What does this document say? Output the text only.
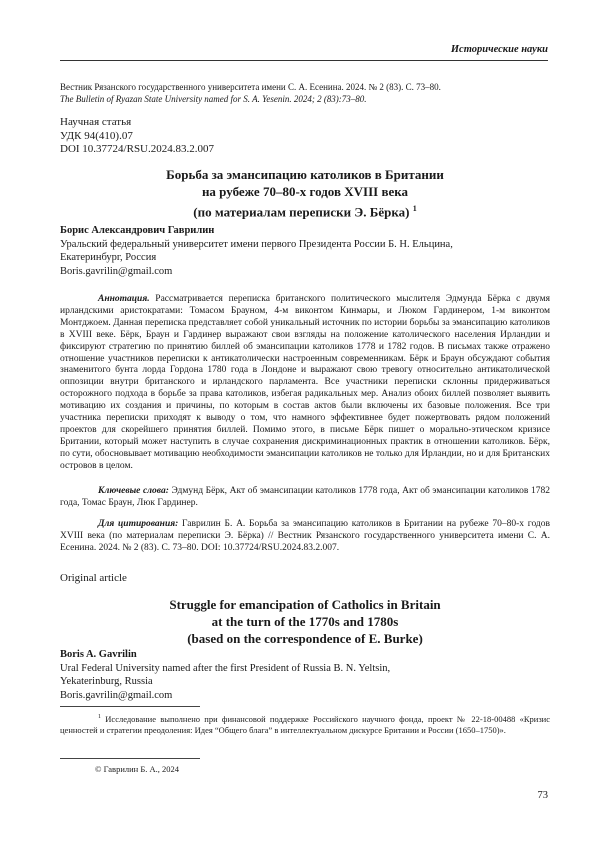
Исторические науки
Вестник Рязанского государственного университета имени С. А. Есенина. 2024. № 2 (83). С. 73–80.
The Bulletin of Ryazan State University named for S. A. Yesenin. 2024; 2 (83):73–80.
Научная статья
УДК 94(410).07
DOI 10.37724/RSU.2024.83.2.007
Борьба за эмансипацию католиков в Британии
на рубеже 70–80-х годов XVIII века
(по материалам переписки Э. Бёрка) $^1$
Борис Александрович Гаврилин
Уральский федеральный университет имени первого Президента России Б. Н. Ельцина,
Екатеринбург, Россия
Boris.gavrilin@gmail.com
Аннотация. Рассматривается переписка британского политического мыслителя Эдмунда Бёрка с двумя ирландскими аристократами: Томасом Брауном, 4-м виконтом Кинмары, и Люком Гардинером, 1-м виконтом Монтджоем. Данная переписка представляет собой уникальный источник по истории борьбы за эмансипацию католиков в XVIII веке. Бёрк, Браун и Гардинер выражают свои взгляды на положение католического населения Ирландии и фиксируют стратегию по принятию биллей об эмансипации католиков 1778 и 1782 годов. В письмах также отражено отношение участников переписки к антикатолически настроенным современникам. Бёрк и Браун обсуждают события знаменитого бунта лорда Гордона 1780 года в Лондоне и выражают свою тревогу относительно антикатолической оппозиции внутри британского и ирландского парламента. Все участники переписки склонны придерживаться осторожного подхода в борьбе за права католиков, избегая радикальных мер. Анализ обоих биллей позволяет выявить мотивацию их создания и причины, по которым в состав актов были включены их базовые положения. Все три участника переписки приходят к выводу о том, что намного эффективнее будет пожертвовать рядом положений проектов для скорейшего принятия биллей. Помимо этого, в письме Бёрк пишет о морально-этическом кризисе Британии, который может наступить в случае сохранения дискриминационных практик в отношении католиков. Бёрк, по сути, обосновывает мотивацию необходимости эмансипации католиков не только для Ирландии, но и для Британских островов в целом.
Ключевые слова: Эдмунд Бёрк, Акт об эмансипации католиков 1778 года, Акт об эмансипации католиков 1782 года, Томас Браун, Люк Гардинер.
Для цитирования: Гаврилин Б. А. Борьба за эмансипацию католиков в Британии на рубеже 70–80-х годов XVIII века (по материалам переписки Э. Бёрка) // Вестник Рязанского государственного университета имени С. А. Есенина. 2024. № 2 (83). С. 73–80. DOI: 10.37724/RSU.2024.83.2.007.
Original article
Struggle for emancipation of Catholics in Britain
at the turn of the 1770s and 1780s
(based on the correspondence of E. Burke)
Boris A. Gavrilin
Ural Federal University named after the first President of Russia B. N. Yeltsin,
Yekaterinburg, Russia
Boris.gavrilin@gmail.com
$^1$ Исследование выполнено при финансовой поддержке Российского научного фонда, проект № 22-18-00488 «Кризис ценностей и стратегии преодоления: Идея “Общего блага” в интеллектуальном дискурсе Британии и России (1650–1750)».
© Гаврилин Б. А., 2024
73
